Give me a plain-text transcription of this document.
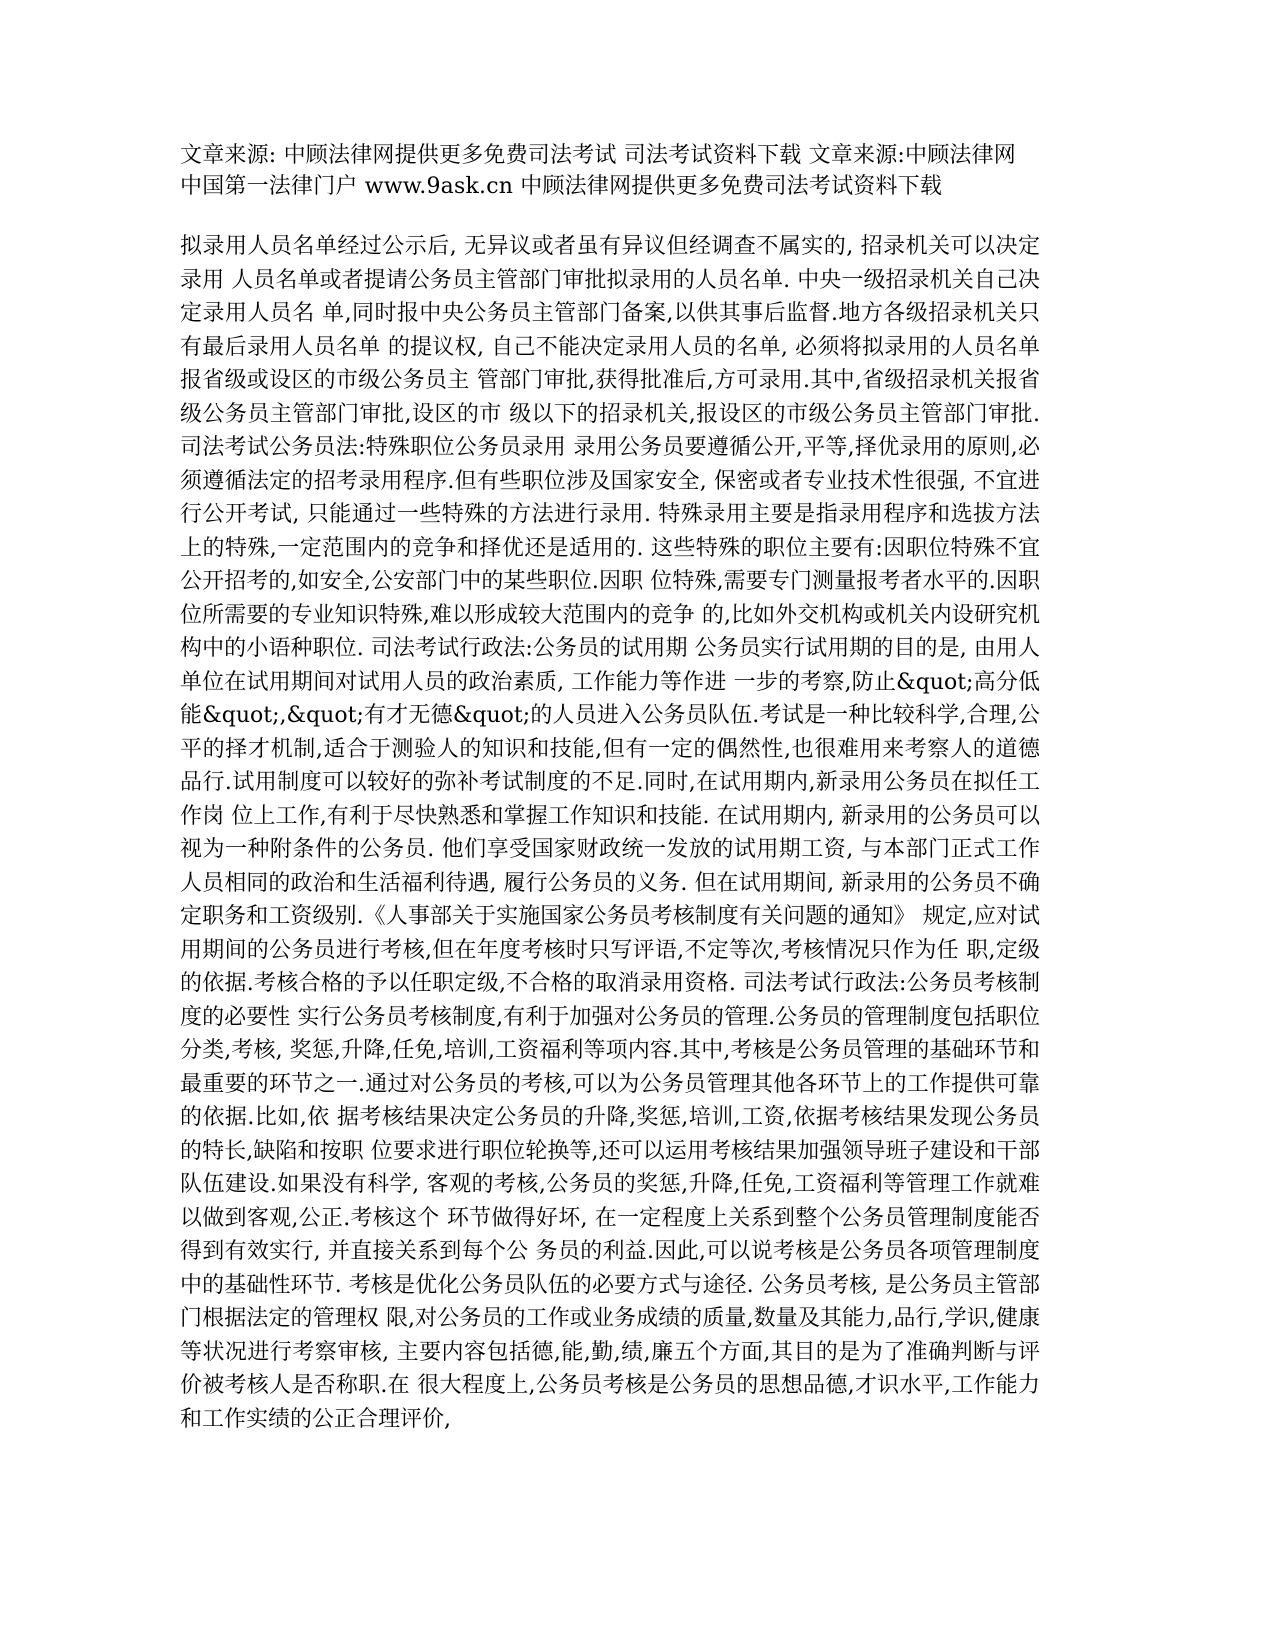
文章来源: 中顾法律网提供更多免费司法考试 司法考试资料下载 文章来源:中顾法律网 中国第一法律门户 www.9ask.cn 中顾法律网提供更多免费司法考试资料下载

拟录用人员名单经过公示后, 无异议或者虽有异议但经调查不属实的, 招录机关可以决定录用 人员名单或者提请公务员主管部门审批拟录用的人员名单. 中央一级招录机关自己决定录用人员名 单,同时报中央公务员主管部门备案,以供其事后监督.地方各级招录机关只有最后录用人员名单 的提议权, 自己不能决定录用人员的名单, 必须将拟录用的人员名单报省级或设区的市级公务员主 管部门审批,获得批准后,方可录用.其中,省级招录机关报省级公务员主管部门审批,设区的市 级以下的招录机关,报设区的市级公务员主管部门审批. 司法考试公务员法:特殊职位公务员录用 录用公务员要遵循公开,平等,择优录用的原则,必须遵循法定的招考录用程序.但有些职位涉及国家安全, 保密或者专业技术性很强, 不宜进行公开考试, 只能通过一些特殊的方法进行录用. 特殊录用主要是指录用程序和选拔方法上的特殊,一定范围内的竞争和择优还是适用的. 这些特殊的职位主要有:因职位特殊不宜公开招考的,如安全,公安部门中的某些职位.因职 位特殊,需要专门测量报考者水平的.因职位所需要的专业知识特殊,难以形成较大范围内的竞争 的,比如外交机构或机关内设研究机构中的小语种职位. 司法考试行政法:公务员的试用期 公务员实行试用期的目的是, 由用人单位在试用期间对试用人员的政治素质, 工作能力等作进 一步的考察,防止&quot;高分低能&quot;,&quot;有才无德&quot;的人员进入公务员队伍.考试是一种比较科学,合理,公平的择才机制,适合于测验人的知识和技能,但有一定的偶然性,也很难用来考察人的道德 品行.试用制度可以较好的弥补考试制度的不足.同时,在试用期内,新录用公务员在拟任工作岗 位上工作,有利于尽快熟悉和掌握工作知识和技能. 在试用期内, 新录用的公务员可以视为一种附条件的公务员. 他们享受国家财政统一发放的试用期工资, 与本部门正式工作人员相同的政治和生活福利待遇, 履行公务员的义务. 但在试用期间, 新录用的公务员不确定职务和工资级别.《人事部关于实施国家公务员考核制度有关问题的通知》 规定,应对试用期间的公务员进行考核,但在年度考核时只写评语,不定等次,考核情况只作为任 职,定级的依据.考核合格的予以任职定级,不合格的取消录用资格. 司法考试行政法:公务员考核制度的必要性 实行公务员考核制度,有利于加强对公务员的管理.公务员的管理制度包括职位分类,考核, 奖惩,升降,任免,培训,工资福利等项内容.其中,考核是公务员管理的基础环节和最重要的环节之一.通过对公务员的考核,可以为公务员管理其他各环节上的工作提供可靠的依据.比如,依 据考核结果决定公务员的升降,奖惩,培训,工资,依据考核结果发现公务员的特长,缺陷和按职 位要求进行职位轮换等,还可以运用考核结果加强领导班子建设和干部队伍建设.如果没有科学, 客观的考核,公务员的奖惩,升降,任免,工资福利等管理工作就难以做到客观,公正.考核这个 环节做得好坏, 在一定程度上关系到整个公务员管理制度能否得到有效实行, 并直接关系到每个公 务员的利益.因此,可以说考核是公务员各项管理制度中的基础性环节. 考核是优化公务员队伍的必要方式与途径. 公务员考核, 是公务员主管部门根据法定的管理权 限,对公务员的工作或业务成绩的质量,数量及其能力,品行,学识,健康等状况进行考察审核, 主要内容包括德,能,勤,绩,廉五个方面,其目的是为了准确判断与评价被考核人是否称职.在 很大程度上,公务员考核是公务员的思想品德,才识水平,工作能力和工作实绩的公正合理评价,
